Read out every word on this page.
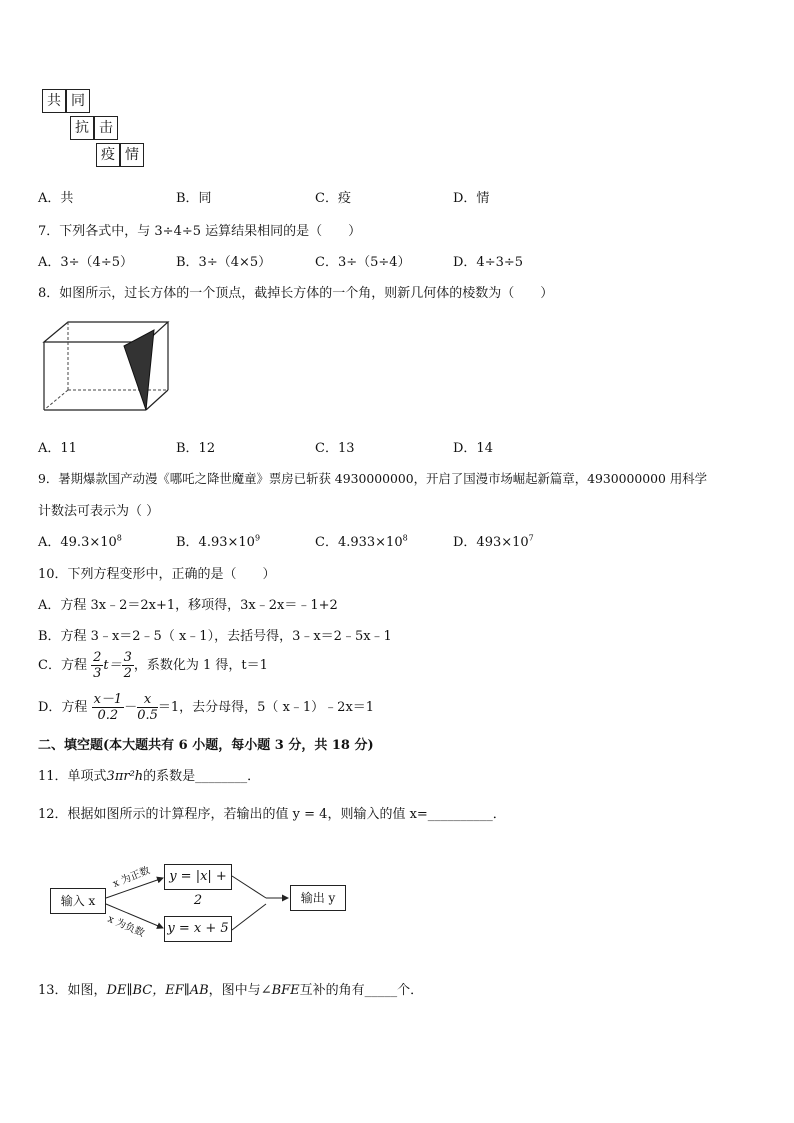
共 同
抗 击
疫 情
A．共	B．同	C．疫	D．情
7．下列各式中，与 3÷4÷5 运算结果相同的是（　　）
A．3÷（4÷5）	B．3÷（4×5）	C．3÷（5÷4）	D．4÷3÷5
8．如图所示，过长方体的一个顶点，截掉长方体的一个角，则新几何体的棱数为（　　）
A．11	B．12	C．13	D．14
9．暑期爆款国产动漫《哪吒之降世魔童》票房已斩获 4930000000，开启了国漫市场崛起新篇章，4930000000 用科学
计数法可表示为（ ）
A．$49.3\times 10^8$	B．$4.93\times 10^9$	C．$4.933\times 10^8$	D．$493\times 10^7$
10．下列方程变形中，正确的是（　　）
A．方程 3x﹣2＝2x+1，移项得，3x﹣2x＝﹣1+2
B．方程 3﹣x＝2﹣5（ x﹣1），去括号得，3﹣x＝2﹣5x﹣1
C．方程 $\frac{2}{3} t= \frac{3}{2}$ ，系数化为 1 得，t＝1
D．方程 $\frac{x-1}{0.2} - \frac{x}{0.5} =1$，去分母得，5（ x﹣1）﹣2x＝1
二、填空题(本大题共有 6 小题，每小题 3 分，共 18 分)
11．单项式3πr²h的系数是________．
12．根据如图所示的计算程序，若输出的值 y = 4，则输入的值 x=__________．
输入 x
y = |x| + 2
y = x + 5
输出 y
x 为正数
x 为负数
13．如图，DE∥BC，EF∥AB，图中与∠BFE互补的角有_____个．
